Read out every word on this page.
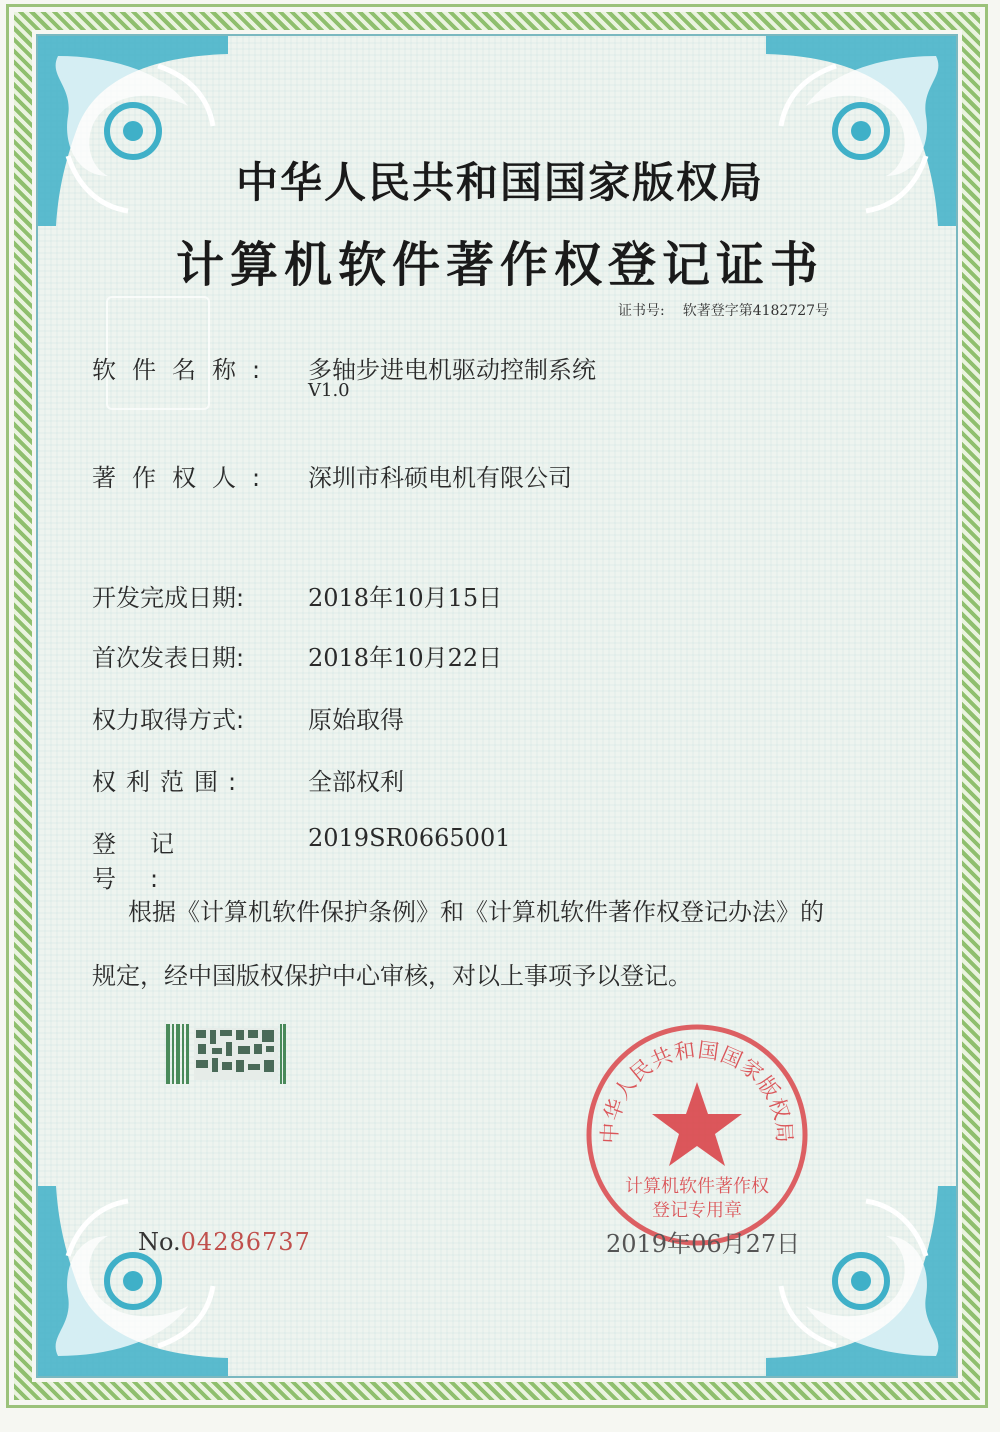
中华人民共和国国家版权局
计算机软件著作权登记证书
证书号: 软著登字第4182727号
软件名称: 多轴步进电机驱动控制系统
V1.0
著作权人: 深圳市科硕电机有限公司
开发完成日期:	2018年10月15日
首次发表日期:	2018年10月22日
权力取得方式:	原始取得
权利范围:	全部权利
登记号:
2019SR0665001
根据《计算机软件保护条例》和《计算机软件著作权登记办法》的
规定，经中国版权保护中心审核，对以上事项予以登记。
中华人民共和国国家版权局
计算机软件著作权
登记专用章
No.04286737	2019年06月27日
